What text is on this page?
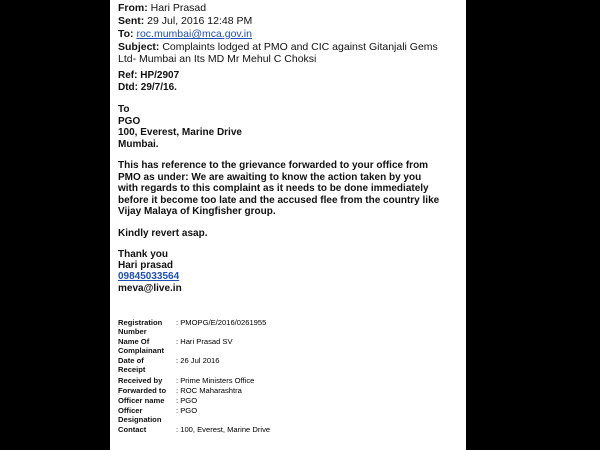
From: Hari Prasad
Sent: 29 Jul, 2016 12:48 PM
To: roc.mumbai@mca.gov.in
Subject: Complaints lodged at PMO and CIC against Gitanjali Gems
Ltd- Mumbai an Its MD Mr Mehul C Choksi
Ref: HP/2907
Dtd: 29/7/16.
To
PGO
100, Everest, Marine Drive
Mumbai.
This has reference to the grievance forwarded to your office from
PMO as under: We are awaiting to know the action taken by you
with regards to this complaint as it needs to be done immediately
before it become too late and the accused flee from the country like
Vijay Malaya of Kingfisher group.
Kindly revert asap.
Thank you
Hari prasad
09845033564
meva@live.in
Registration
Number
: PMOPG/E/2016/0261955
Name Of
Complainant
: Hari Prasad SV
Date of
Receipt
: 26 Jul 2016
Received by : Prime Ministers Office
Forwarded to : ROC Maharashtra
Officer name : PGO
Officer
Designation
: PGO
Contact	: 100, Everest, Marine Drive
